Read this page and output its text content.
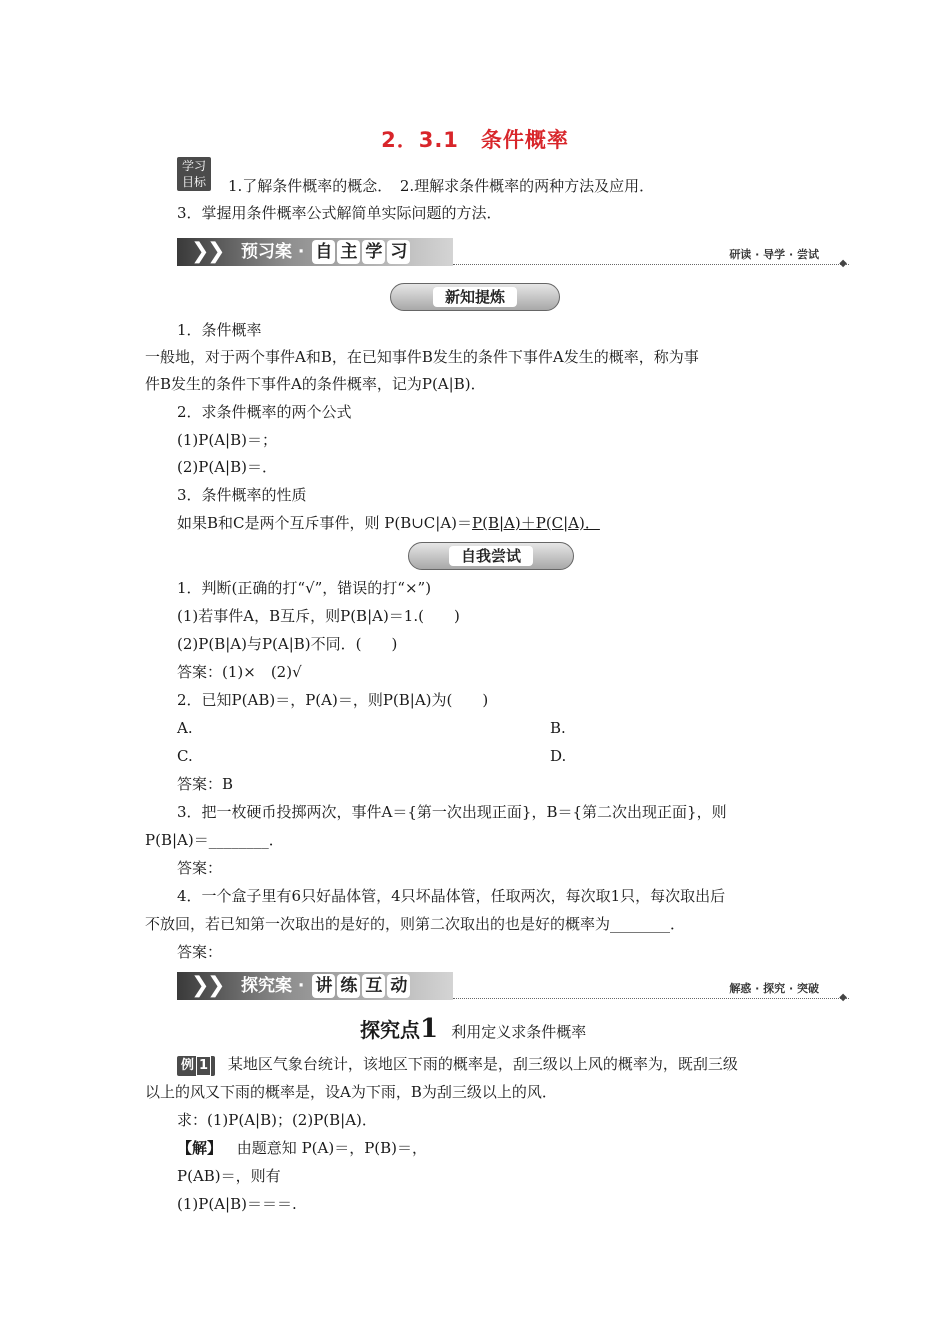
2．3.1　条件概率
学习
目标	1.了解条件概率的概念．　2.理解求条件概率的两种方法及应用．
3．掌握用条件概率公式解简单实际问题的方法．
❯
❯ 预习案 · 自 主 学 习	研读 · 导学 · 尝试
◆
新知提炼
1．条件概率
一般地，对于两个事件A和B，在已知事件B发生的条件下事件A发生的概率，称为事
件B发生的条件下事件A的条件概率，记为P(A|B)．
2．求条件概率的两个公式
(1)P(A|B)＝；
(2)P(A|B)＝．
3．条件概率的性质
如果B和C是两个互斥事件，则 P(B∪C|A)＝P(B|A)＋P(C|A)．
自我尝试
1．判断(正确的打“√”，错误的打“×”)
(1)若事件A，B互斥，则P(B|A)＝1.(　　)
(2)P(B|A)与P(A|B)不同．(　　)
答案：(1)×　(2)√
2．已知P(AB)＝，P(A)＝，则P(B|A)为(　　)
A.	B.
C.	D.
答案：B
3．把一枚硬币投掷两次，事件A＝{第一次出现正面}，B＝{第二次出现正面}，则
P(B|A)＝________．
答案：
4．一个盒子里有6只好晶体管，4只坏晶体管，任取两次，每次取1只，每次取出后
不放回，若已知第一次取出的是好的，则第二次取出的也是好的概率为________．
答案：
❯
❯ 探究案 · 讲 练 互 动	解惑 · 探究 · 突破
◆
探究点1 利用定义求条件概率
例 1 某地区气象台统计，该地区下雨的概率是，刮三级以上风的概率为，既刮三级
以上的风又下雨的概率是，设A为下雨，B为刮三级以上的风．
求：(1)P(A|B)；(2)P(B|A)．
【解】 由题意知 P(A)＝，P(B)＝，
P(AB)＝，则有
(1)P(A|B)＝＝＝.
